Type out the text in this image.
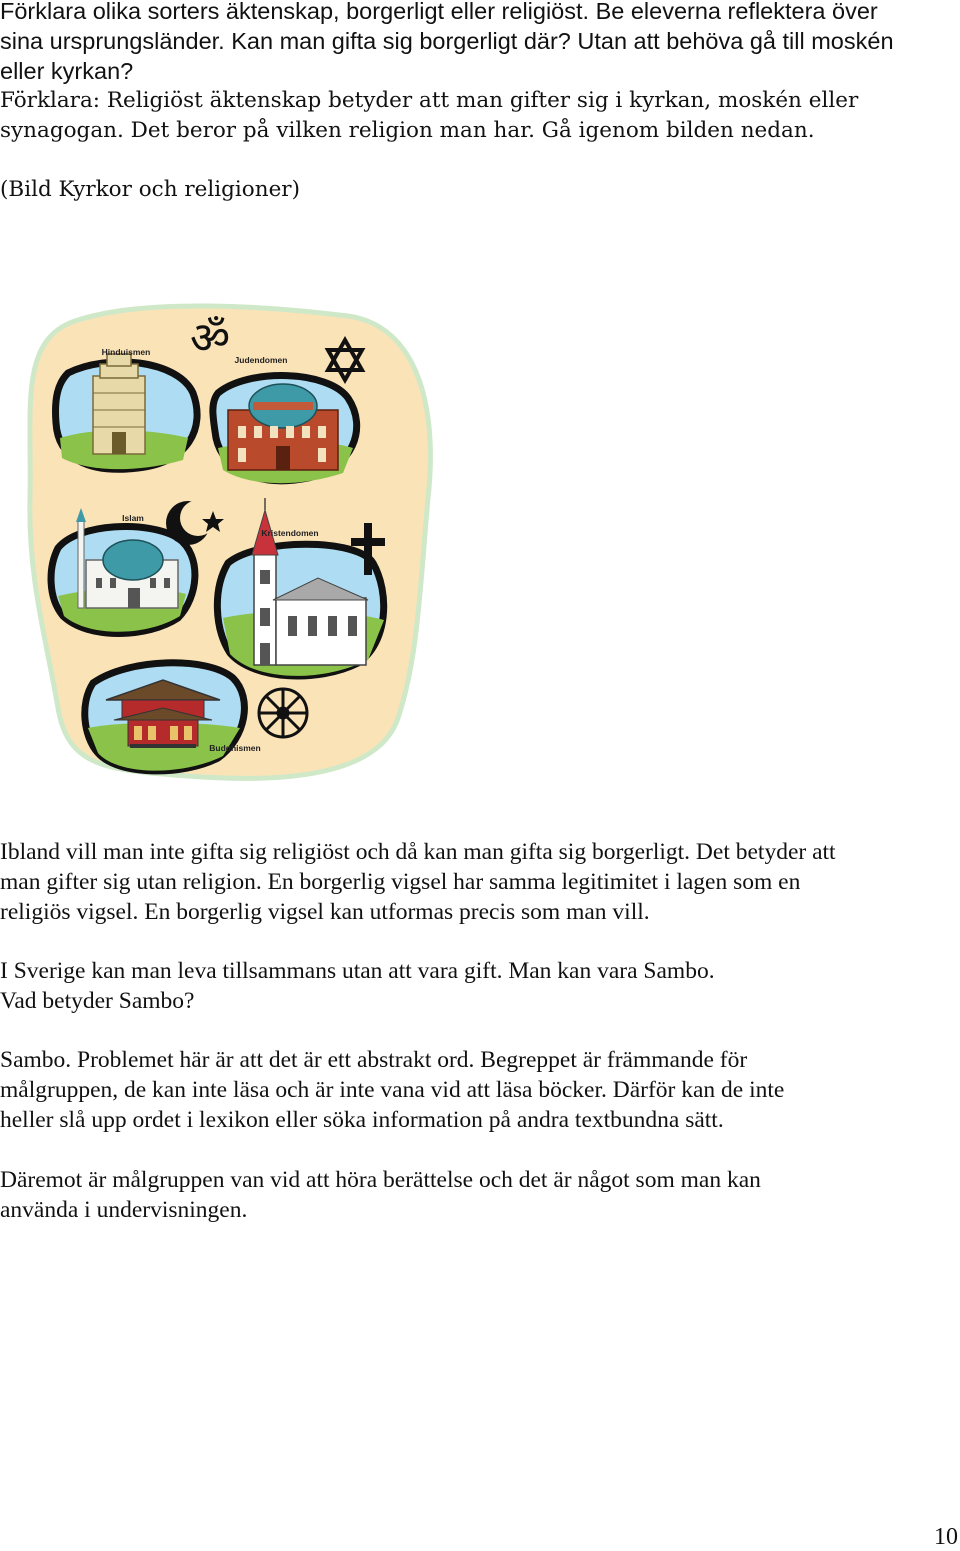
Förklara olika sorters äktenskap, borgerligt eller religiöst. Be eleverna reflektera över
sina ursprungsländer. Kan man gifta sig borgerligt där? Utan att behöva gå till moskén
eller kyrkan?
Förklara: Religiöst äktenskap betyder att man gifter sig i kyrkan, moskén eller
synagogan. Det beror på vilken religion man har. Gå igenom bilden nedan.
(Bild Kyrkor och religioner)
Hinduismen ॐ Judendomen
Islam
Kristendomen
Buddhismen
Ibland vill man inte gifta sig religiöst och då kan man gifta sig borgerligt. Det betyder att
man gifter sig utan religion. En borgerlig vigsel har samma legitimitet i lagen som en
religiös vigsel. En borgerlig vigsel kan utformas precis som man vill.
I Sverige kan man leva tillsammans utan att vara gift. Man kan vara Sambo.
Vad betyder Sambo?
Sambo. Problemet här är att det är ett abstrakt ord. Begreppet är främmande för
målgruppen, de kan inte läsa och är inte vana vid att läsa böcker. Därför kan de inte
heller slå upp ordet i lexikon eller söka information på andra textbundna sätt.
Däremot är målgruppen van vid att höra berättelse och det är något som man kan
använda i undervisningen.
10
